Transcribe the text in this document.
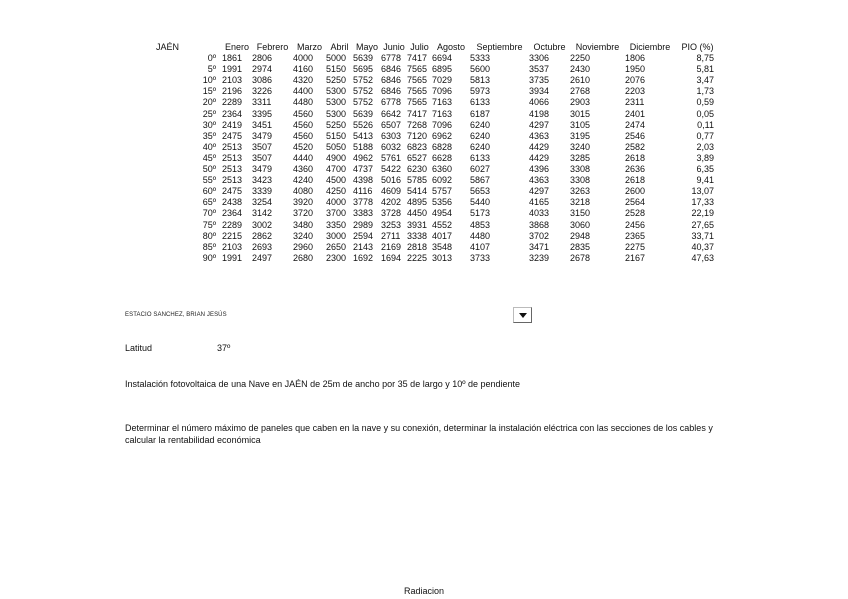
JAÉN	Enero	Febrero	Marzo	Abril	Mayo	Junio	Julio	Agosto	Septiembre	Octubre	Noviembre	Diciembre	PIO (%)
0º	1861	2806	4000	5000	5639	6778	7417	6694	5333	3306	2250	1806	8,75
5º	1991	2974	4160	5150	5695	6846	7565	6895	5600	3537	2430	1950	5,81
10º	2103	3086	4320	5250	5752	6846	7565	7029	5813	3735	2610	2076	3,47
15º	2196	3226	4400	5300	5752	6846	7565	7096	5973	3934	2768	2203	1,73
20º	2289	3311	4480	5300	5752	6778	7565	7163	6133	4066	2903	2311	0,59
25º	2364	3395	4560	5300	5639	6642	7417	7163	6187	4198	3015	2401	0,05
30º	2419	3451	4560	5250	5526	6507	7268	7096	6240	4297	3105	2474	0,11
35º	2475	3479	4560	5150	5413	6303	7120	6962	6240	4363	3195	2546	0,77
40º	2513	3507	4520	5050	5188	6032	6823	6828	6240	4429	3240	2582	2,03
45º	2513	3507	4440	4900	4962	5761	6527	6628	6133	4429	3285	2618	3,89
50º	2513	3479	4360	4700	4737	5422	6230	6360	6027	4396	3308	2636	6,35
55º	2513	3423	4240	4500	4398	5016	5785	6092	5867	4363	3308	2618	9,41
60º	2475	3339	4080	4250	4116	4609	5414	5757	5653	4297	3263	2600	13,07
65º	2438	3254	3920	4000	3778	4202	4895	5356	5440	4165	3218	2564	17,33
70º	2364	3142	3720	3700	3383	3728	4450	4954	5173	4033	3150	2528	22,19
75º	2289	3002	3480	3350	2989	3253	3931	4552	4853	3868	3060	2456	27,65
80º	2215	2862	3240	3000	2594	2711	3338	4017	4480	3702	2948	2365	33,71
85º	2103	2693	2960	2650	2143	2169	2818	3548	4107	3471	2835	2275	40,37
90º	1991	2497	2680	2300	1692	1694	2225	3013	3733	3239	2678	2167	47,63
ESTACIO SANCHEZ, BRIAN JESÚS
Latitud	37º
Instalación fotovoltaica de una Nave en JAÉN de 25m de ancho por 35 de largo y 10º de pendiente
Determinar el número máximo de paneles que caben en la nave y su conexión, determinar la instalación eléctrica con las secciones de los cables y calcular la rentabilidad económica
Radiacion
